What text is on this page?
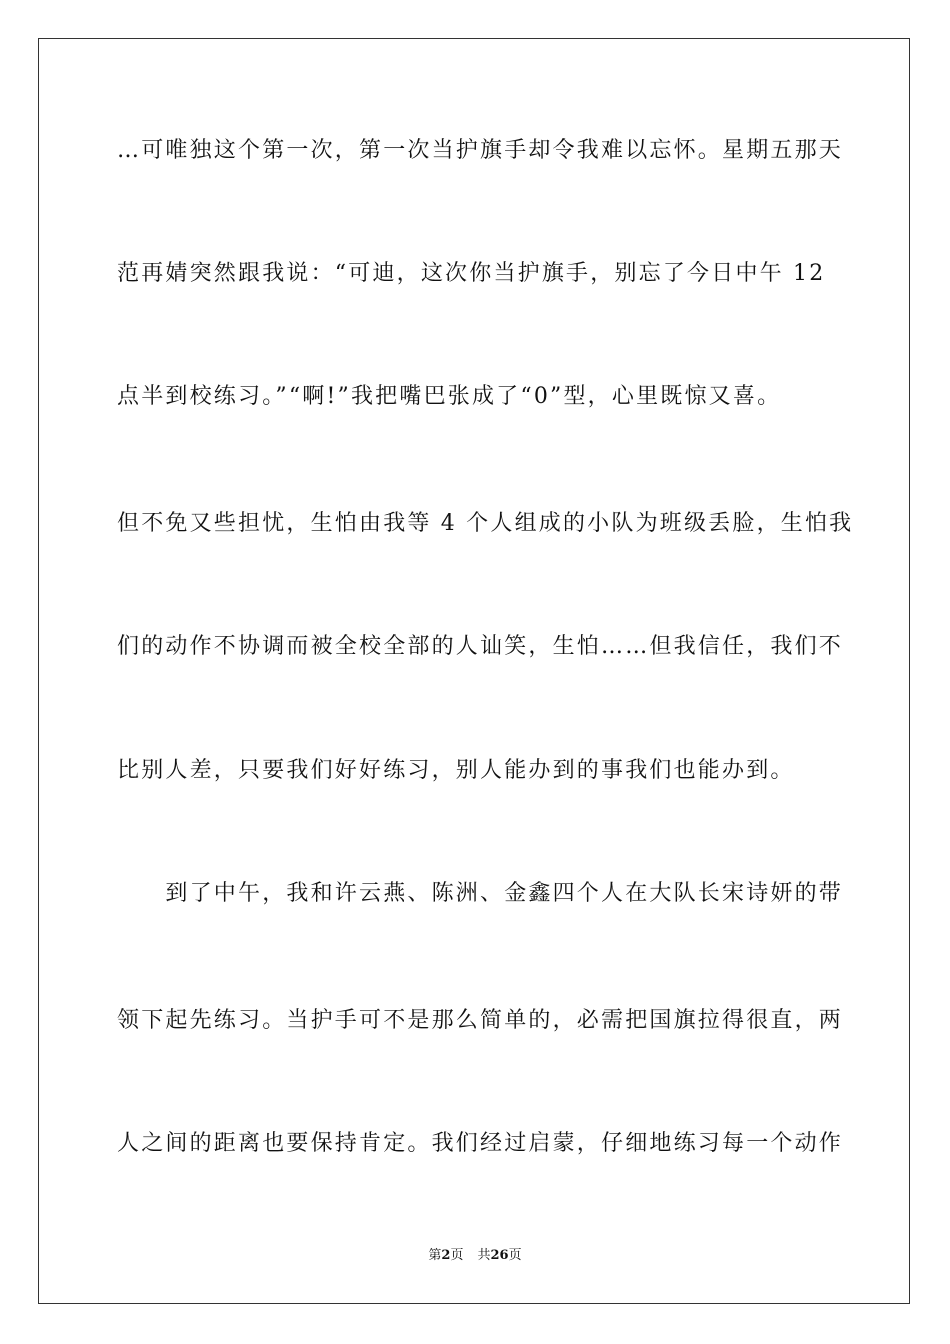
…可唯独这个第一次，第一次当护旗手却令我难以忘怀。星期五那天
范再婧突然跟我说：“可迪，这次你当护旗手，别忘了今日中午 12
点半到校练习。”“啊!”我把嘴巴张成了“0”型，心里既惊又喜。
但不免又些担忧，生怕由我等 4 个人组成的小队为班级丢脸，生怕我
们的动作不协调而被全校全部的人讪笑，生怕……但我信任，我们不
比别人差，只要我们好好练习，别人能办到的事我们也能办到。
　　到了中午，我和许云燕、陈洲、金鑫四个人在大队长宋诗妍的带
领下起先练习。当护手可不是那么简单的，必需把国旗拉得很直，两
人之间的距离也要保持肯定。我们经过启蒙，仔细地练习每一个动作
第2页 共26页
